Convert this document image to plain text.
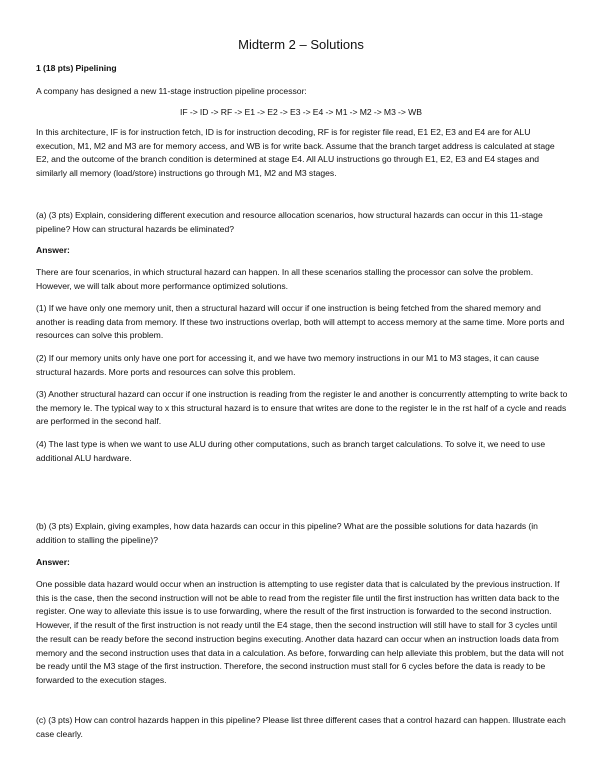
Midterm 2 – Solutions
1 (18 pts) Pipelining
A company has designed a new 11-stage instruction pipeline processor:
IF -> ID -> RF -> E1 -> E2 -> E3 -> E4 -> M1 -> M2 -> M3 -> WB
In this architecture, IF is for instruction fetch, ID is for instruction decoding, RF is for register file read, E1 E2, E3 and E4 are for ALU execution, M1, M2 and M3 are for memory access, and WB is for write back. Assume that the branch target address is calculated at stage E2, and the outcome of the branch condition is determined at stage E4. All ALU instructions go through E1, E2, E3 and E4 stages and similarly all memory (load/store) instructions go through M1, M2 and M3 stages.
(a) (3 pts) Explain, considering different execution and resource allocation scenarios, how structural hazards can occur in this 11-stage pipeline? How can structural hazards be eliminated?
Answer:
There are four scenarios, in which structural hazard can happen. In all these scenarios stalling the processor can solve the problem. However, we will talk about more performance optimized solutions.
(1) If we have only one memory unit, then a structural hazard will occur if one instruction is being fetched from the shared memory and another is reading data from memory. If these two instructions overlap, both will attempt to access memory at the same time. More ports and resources can solve this problem.
(2) If our memory units only have one port for accessing it, and we have two memory instructions in our M1 to M3 stages, it can cause structural hazards. More ports and resources can solve this problem.
(3) Another structural hazard can occur if one instruction is reading from the register le and another is concurrently attempting to write back to the memory le. The typical way to x this structural hazard is to ensure that writes are done to the register le in the rst half of a cycle and reads are performed in the second half.
(4) The last type is when we want to use ALU during other computations, such as branch target calculations. To solve it, we need to use additional ALU hardware.
(b) (3 pts) Explain, giving examples, how data hazards can occur in this pipeline? What are the possible solutions for data hazards (in addition to stalling the pipeline)?
Answer:
One possible data hazard would occur when an instruction is attempting to use register data that is calculated by the previous instruction. If this is the case, then the second instruction will not be able to read from the register file until the first instruction has written data back to the register. One way to alleviate this issue is to use forwarding, where the result of the first instruction is forwarded to the second instruction. However, if the result of the first instruction is not ready until the E4 stage, then the second instruction will still have to stall for 3 cycles until the result can be ready before the second instruction begins executing. Another data hazard can occur when an instruction loads data from memory and the second instruction uses that data in a calculation. As before, forwarding can help alleviate this problem, but the data will not be ready until the M3 stage of the first instruction. Therefore, the second instruction must stall for 6 cycles before the data is ready to be forwarded to the execution stages.
(c) (3 pts) How can control hazards happen in this pipeline? Please list three different cases that a control hazard can happen. Illustrate each case clearly.
